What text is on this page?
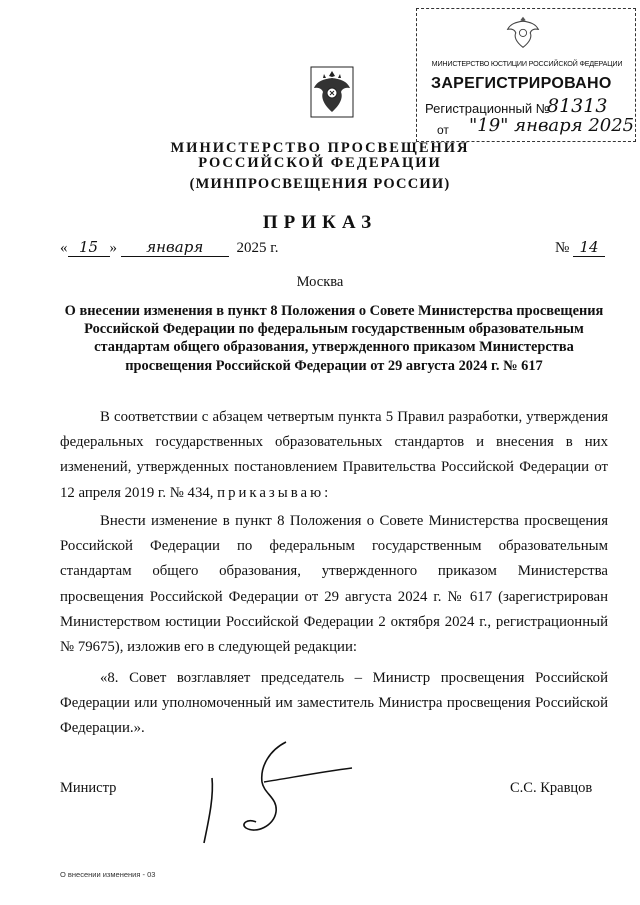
МИНИСТЕРСТВО ЮСТИЦИИ РОССИЙСКОЙ ФЕДЕРАЦИИ
ЗАРЕГИСТРИРОВАНО
Регистрационный №
81313
от "19" января 2025
МИНИСТЕРСТВО ПРОСВЕЩЕНИЯ
РОССИЙСКОЙ ФЕДЕРАЦИИ
(МИНПРОСВЕЩЕНИЯ РОССИИ)
ПРИКАЗ
« 15 » января 2025 г.	№ 14
Москва
О внесении изменения в пункт 8 Положения о Совете Министерства просвещения Российской Федерации по федеральным государственным образовательным стандартам общего образования, утвержденного приказом Министерства просвещения Российской Федерации от 29 августа 2024 г. № 617
В соответствии с абзацем четвертым пункта 5 Правил разработки, утверждения федеральных государственных образовательных стандартов и внесения в них изменений, утвержденных постановлением Правительства Российской Федерации от 12 апреля 2019 г. № 434, приказываю:
Внести изменение в пункт 8 Положения о Совете Министерства просвещения Российской Федерации по федеральным государственным образовательным стандартам общего образования, утвержденного приказом Министерства просвещения Российской Федерации от 29 августа 2024 г. № 617 (зарегистрирован Министерством юстиции Российской Федерации 2 октября 2024 г., регистрационный № 79675), изложив его в следующей редакции:
«8. Совет возглавляет председатель – Министр просвещения Российской Федерации или уполномоченный им заместитель Министра просвещения Российской Федерации.».
Министр	С.С. Кравцов
О внесении изменения - 03
